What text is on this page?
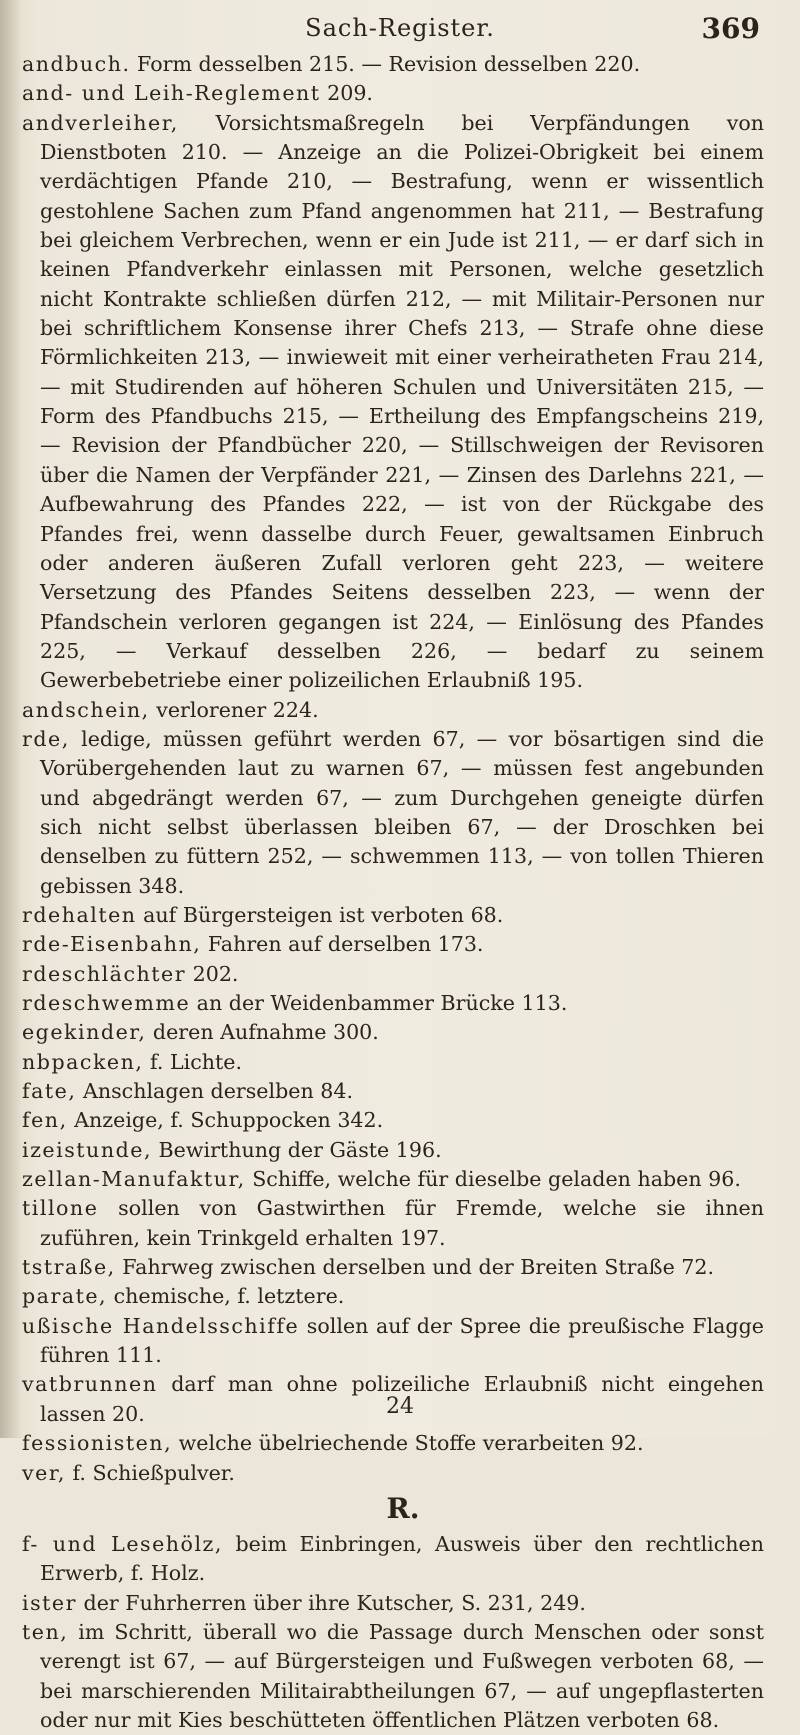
Sach-Register.	369
andbuch. Form desselben 215. — Revision desselben 220.
and- und Leih-Reglement 209.
andverleiher, Vorsichtsmaßregeln bei Verpfändungen von Dienstboten 210. — Anzeige an die Polizei-Obrigkeit bei einem verdächtigen Pfande 210, — Bestrafung, wenn er wissentlich gestohlene Sachen zum Pfand angenommen hat 211, — Bestrafung bei gleichem Verbrechen, wenn er ein Jude ist 211, — er darf sich in keinen Pfandverkehr einlassen mit Personen, welche gesetzlich nicht Kontrakte schließen dürfen 212, — mit Militair-Personen nur bei schriftlichem Konsense ihrer Chefs 213, — Strafe ohne diese Förmlichkeiten 213, — inwieweit mit einer verheiratheten Frau 214, — mit Studirenden auf höheren Schulen und Universitäten 215, — Form des Pfandbuchs 215, — Ertheilung des Empfangscheins 219, — Revision der Pfandbücher 220, — Stillschweigen der Revisoren über die Namen der Verpfänder 221, — Zinsen des Darlehns 221, — Aufbewahrung des Pfandes 222, — ist von der Rückgabe des Pfandes frei, wenn dasselbe durch Feuer, gewaltsamen Einbruch oder anderen äußeren Zufall verloren geht 223, — weitere Versetzung des Pfandes Seitens desselben 223, — wenn der Pfandschein verloren gegangen ist 224, — Einlösung des Pfandes 225, — Verkauf desselben 226, — bedarf zu seinem Gewerbebetriebe einer polizeilichen Erlaubniß 195.
andschein, verlorener 224.
rde, ledige, müssen geführt werden 67, — vor bösartigen sind die Vorübergehenden laut zu warnen 67, — müssen fest angebunden und abgedrängt werden 67, — zum Durchgehen geneigte dürfen sich nicht selbst überlassen bleiben 67, — der Droschken bei denselben zu füttern 252, — schwemmen 113, — von tollen Thieren gebissen 348.
rdehalten auf Bürgersteigen ist verboten 68.
rde-Eisenbahn, Fahren auf derselben 173.
rdeschlächter 202.
rdeschwemme an der Weidenbammer Brücke 113.
egekinder, deren Aufnahme 300.
nbpacken, f. Lichte.
fate, Anschlagen derselben 84.
fen, Anzeige, f. Schuppocken 342.
izeistunde, Bewirthung der Gäste 196.
zellan-Manufaktur, Schiffe, welche für dieselbe geladen haben 96.
tillone sollen von Gastwirthen für Fremde, welche sie ihnen zuführen, kein Trinkgeld erhalten 197.
tstraße, Fahrweg zwischen derselben und der Breiten Straße 72.
parate, chemische, f. letztere.
ußische Handelsschiffe sollen auf der Spree die preußische Flagge führen 111.
vatbrunnen darf man ohne polizeiliche Erlaubniß nicht eingehen lassen 20.
fessionisten, welche übelriechende Stoffe verarbeiten 92.
ver, f. Schießpulver.
R.
f- und Lesehölz, beim Einbringen, Ausweis über den rechtlichen Erwerb, f. Holz.
ister der Fuhrherren über ihre Kutscher, S. 231, 249.
ten, im Schritt, überall wo die Passage durch Menschen oder sonst verengt ist 67, — auf Bürgersteigen und Fußwegen verboten 68, — bei marschierenden Militairabtheilungen 67, — auf ungepflasterten oder nur mit Kies beschütteten öffentlichen Plätzen verboten 68.
24
